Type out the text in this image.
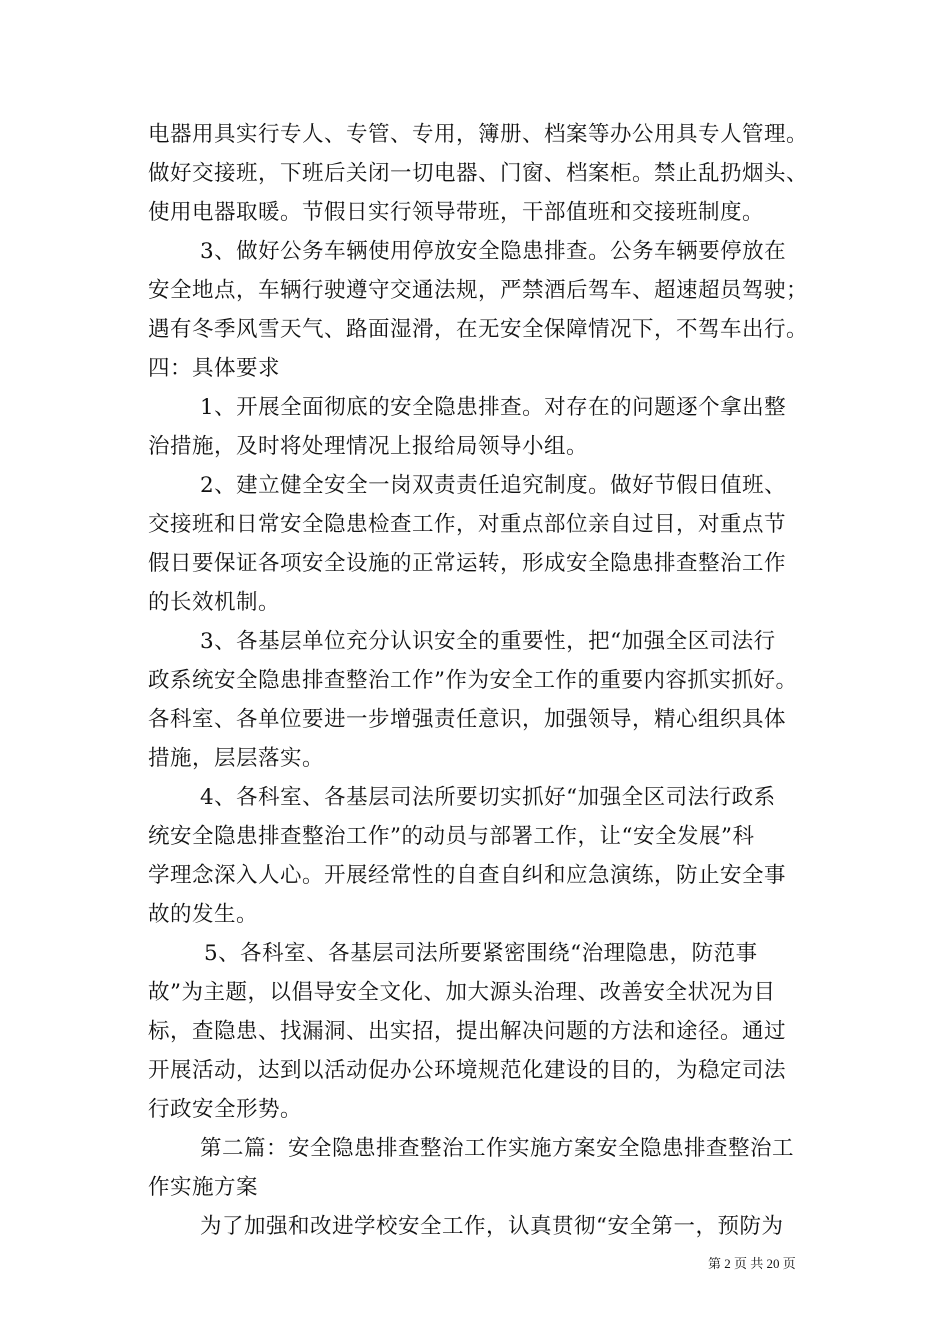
电器用具实行专人、专管、专用，簿册、档案等办公用具专人管理。
做好交接班，下班后关闭一切电器、门窗、档案柜。禁止乱扔烟头、
使用电器取暖。节假日实行领导带班，干部值班和交接班制度。
3、做好公务车辆使用停放安全隐患排查。公务车辆要停放在
安全地点，车辆行驶遵守交通法规，严禁酒后驾车、超速超员驾驶；
遇有冬季风雪天气、路面湿滑，在无安全保障情况下，不驾车出行。
四：具体要求
1、开展全面彻底的安全隐患排查。对存在的问题逐个拿出整
治措施，及时将处理情况上报给局领导小组。
2、建立健全安全一岗双责责任追究制度。做好节假日值班、
交接班和日常安全隐患检查工作，对重点部位亲自过目，对重点节
假日要保证各项安全设施的正常运转，形成安全隐患排查整治工作
的长效机制。
3、各基层单位充分认识安全的重要性，把“加强全区司法行
政系统安全隐患排查整治工作”作为安全工作的重要内容抓实抓好。
各科室、各单位要进一步增强责任意识，加强领导，精心组织具体
措施，层层落实。
4、各科室、各基层司法所要切实抓好“加强全区司法行政系
统安全隐患排查整治工作”的动员与部署工作，让“安全发展”科
学理念深入人心。开展经常性的自查自纠和应急演练，防止安全事
故的发生。
5、各科室、各基层司法所要紧密围绕“治理隐患，防范事
故”为主题，以倡导安全文化、加大源头治理、改善安全状况为目
标，查隐患、找漏洞、出实招，提出解决问题的方法和途径。通过
开展活动，达到以活动促办公环境规范化建设的目的，为稳定司法
行政安全形势。
第二篇：安全隐患排查整治工作实施方案安全隐患排查整治工
作实施方案
为了加强和改进学校安全工作，认真贯彻“安全第一，预防为
第 2 页 共 20 页
